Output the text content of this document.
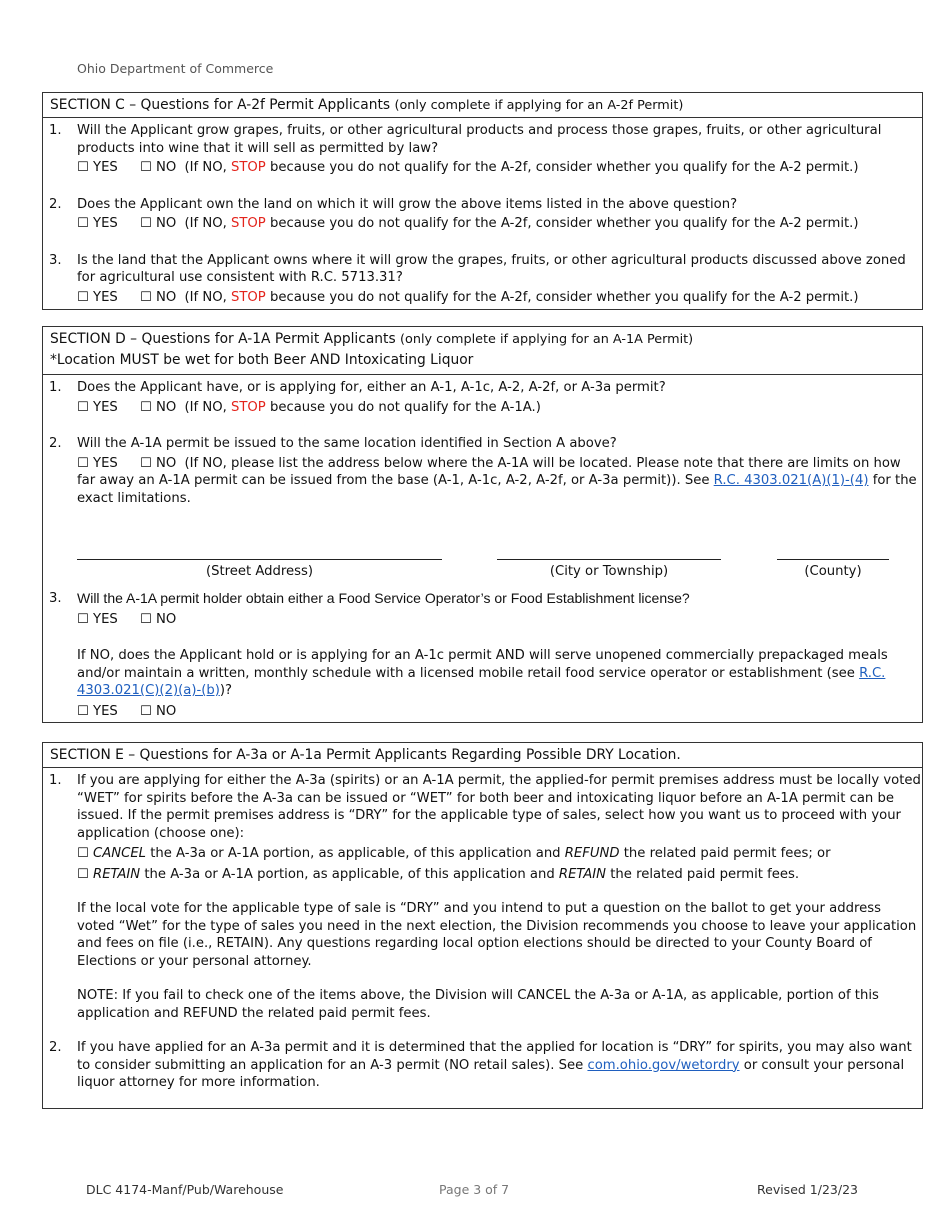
Ohio Department of Commerce
SECTION C – Questions for A-2f Permit Applicants (only complete if applying for an A-2f Permit)
1. Will the Applicant grow grapes, fruits, or other agricultural products and process those grapes, fruits, or other agricultural products into wine that it will sell as permitted by law?
☐ YES ☐ NO (If NO, STOP because you do not qualify for the A-2f, consider whether you qualify for the A-2 permit.)
2. Does the Applicant own the land on which it will grow the above items listed in the above question?
☐ YES ☐ NO (If NO, STOP because you do not qualify for the A-2f, consider whether you qualify for the A-2 permit.)
3. Is the land that the Applicant owns where it will grow the grapes, fruits, or other agricultural products discussed above zoned for agricultural use consistent with R.C. 5713.31?
☐ YES ☐ NO (If NO, STOP because you do not qualify for the A-2f, consider whether you qualify for the A-2 permit.)
SECTION D – Questions for A-1A Permit Applicants (only complete if applying for an A-1A Permit)
*Location MUST be wet for both Beer AND Intoxicating Liquor
1. Does the Applicant have, or is applying for, either an A-1, A-1c, A-2, A-2f, or A-3a permit?
☐ YES ☐ NO (If NO, STOP because you do not qualify for the A-1A.)
2. Will the A-1A permit be issued to the same location identified in Section A above?
☐ YES ☐ NO (If NO, please list the address below where the A-1A will be located. Please note that there are limits on how far away an A-1A permit can be issued from the base (A-1, A-1c, A-2, A-2f, or A-3a permit)). See R.C. 4303.021(A)(1)-(4) for the exact limitations.
(Street Address)	(City or Township)	(County)
3. Will the A-1A permit holder obtain either a Food Service Operator’s or Food Establishment license?
☐ YES ☐ NO
If NO, does the Applicant hold or is applying for an A-1c permit AND will serve unopened commercially prepackaged meals and/or maintain a written, monthly schedule with a licensed mobile retail food service operator or establishment (see R.C. 4303.021(C)(2)(a)-(b))?
☐ YES ☐ NO
SECTION E – Questions for A-3a or A-1a Permit Applicants Regarding Possible DRY Location.
1. If you are applying for either the A-3a (spirits) or an A-1A permit, the applied-for permit premises address must be locally voted “WET” for spirits before the A-3a can be issued or “WET” for both beer and intoxicating liquor before an A-1A permit can be issued. If the permit premises address is “DRY” for the applicable type of sales, select how you want us to proceed with your application (choose one):
☐ CANCEL the A-3a or A-1A portion, as applicable, of this application and REFUND the related paid permit fees; or
☐ RETAIN the A-3a or A-1A portion, as applicable, of this application and RETAIN the related paid permit fees.
If the local vote for the applicable type of sale is “DRY” and you intend to put a question on the ballot to get your address voted “Wet” for the type of sales you need in the next election, the Division recommends you choose to leave your application and fees on file (i.e., RETAIN). Any questions regarding local option elections should be directed to your County Board of Elections or your personal attorney.
NOTE: If you fail to check one of the items above, the Division will CANCEL the A-3a or A-1A, as applicable, portion of this application and REFUND the related paid permit fees.
2. If you have applied for an A-3a permit and it is determined that the applied for location is “DRY” for spirits, you may also want to consider submitting an application for an A-3 permit (NO retail sales). See com.ohio.gov/wetordry or consult your personal liquor attorney for more information.
DLC 4174-Manf/Pub/Warehouse	Page 3 of 7	Revised 1/23/23
